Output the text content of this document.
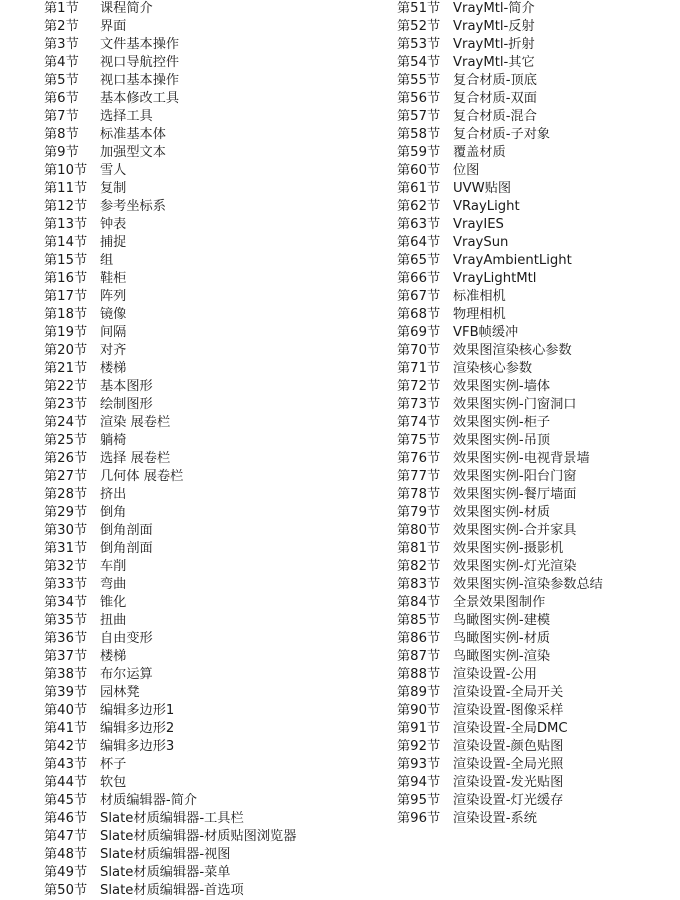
第1节	课程简介
第2节	界面
第3节	文件基本操作
第4节	视口导航控件
第5节	视口基本操作
第6节	基本修改工具
第7节	选择工具
第8节	标准基本体
第9节	加强型文本
第10节 雪人
第11节 复制
第12节 参考坐标系
第13节 钟表
第14节 捕捉
第15节 组
第16节 鞋柜
第17节 阵列
第18节 镜像
第19节 间隔
第20节 对齐
第21节 楼梯
第22节 基本图形
第23节 绘制图形
第24节 渲染 展卷栏
第25节 躺椅
第26节 选择 展卷栏
第27节 几何体 展卷栏
第28节 挤出
第29节 倒角
第30节 倒角剖面
第31节 倒角剖面
第32节 车削
第33节 弯曲
第34节 锥化
第35节 扭曲
第36节 自由变形
第37节 楼梯
第38节 布尔运算
第39节 园林凳
第40节 编辑多边形1
第41节 编辑多边形2
第42节 编辑多边形3
第43节 杯子
第44节 软包
第45节 材质编辑器-简介
第46节 Slate材质编辑器-工具栏
第47节 Slate材质编辑器-材质贴图浏览器
第48节 Slate材质编辑器-视图
第49节 Slate材质编辑器-菜单
第50节 Slate材质编辑器-首选项
第51节 VrayMtl-简介
第52节 VrayMtl-反射
第53节 VrayMtl-折射
第54节 VrayMtl-其它
第55节 复合材质-顶底
第56节 复合材质-双面
第57节 复合材质-混合
第58节 复合材质-子对象
第59节 覆盖材质
第60节 位图
第61节 UVW贴图
第62节 VRayLight
第63节 VrayIES
第64节 VraySun
第65节 VrayAmbientLight
第66节 VrayLightMtl
第67节 标准相机
第68节 物理相机
第69节 VFB帧缓冲
第70节 效果图渲染核心参数
第71节 渲染核心参数
第72节 效果图实例-墙体
第73节 效果图实例-门窗洞口
第74节 效果图实例-柜子
第75节 效果图实例-吊顶
第76节 效果图实例-电视背景墙
第77节 效果图实例-阳台门窗
第78节 效果图实例-餐厅墙面
第79节 效果图实例-材质
第80节 效果图实例-合并家具
第81节 效果图实例-摄影机
第82节 效果图实例-灯光渲染
第83节 效果图实例-渲染参数总结
第84节 全景效果图制作
第85节 鸟瞰图实例-建模
第86节 鸟瞰图实例-材质
第87节 鸟瞰图实例-渲染
第88节 渲染设置-公用
第89节 渲染设置-全局开关
第90节 渲染设置-图像采样
第91节 渲染设置-全局DMC
第92节 渲染设置-颜色贴图
第93节 渲染设置-全局光照
第94节 渲染设置-发光贴图
第95节 渲染设置-灯光缓存
第96节 渲染设置-系统
